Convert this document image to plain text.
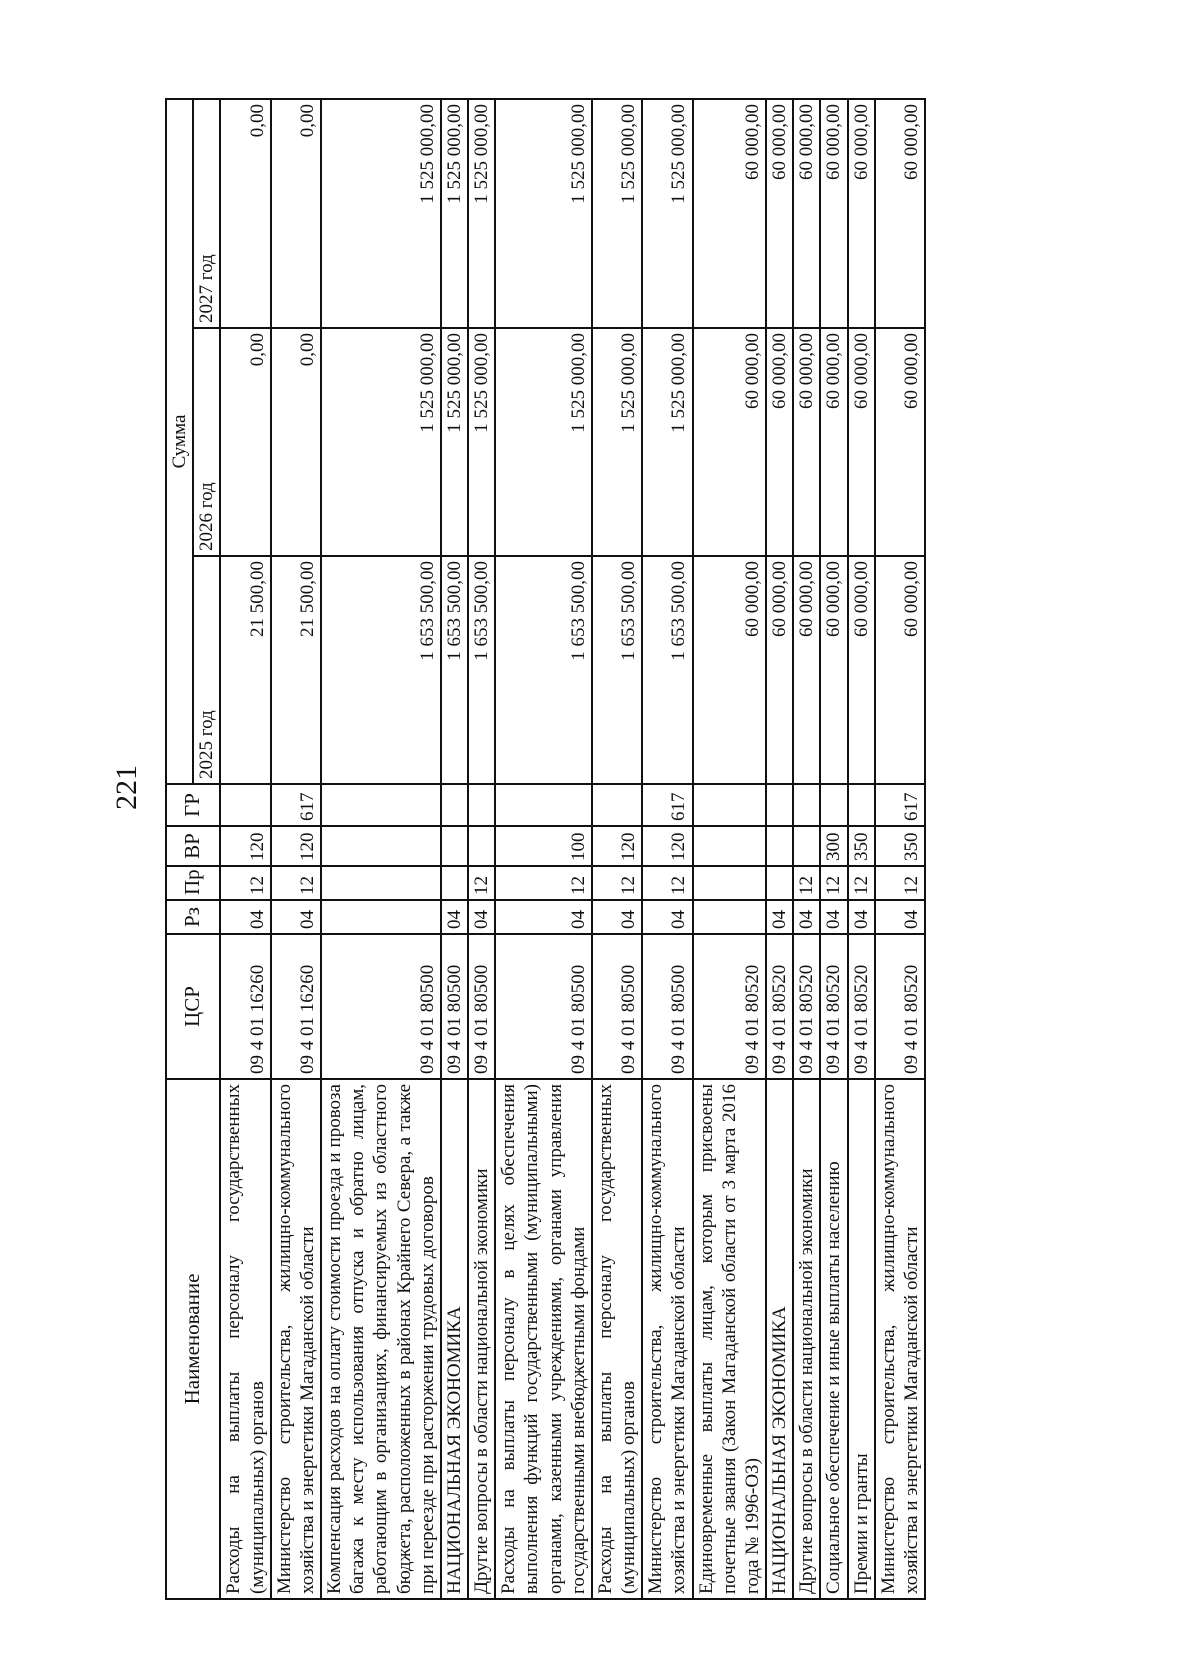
221
Наименование	ЦСР	Рз	Пр	ВР	ГР	Сумма		
						2025 год	2026 год	2027 год
Расходы на выплаты персоналу государственных (муниципальных) органов	09 4 01 16260	04	12	120		21 500,00	0,00	0,00
Министерство строительства, жилищно-коммунального хозяйства и энергетики Магаданской области	09 4 01 16260	04	12	120	617	21 500,00	0,00	0,00
Компенсация расходов на оплату стоимости проезда и провоза багажа к месту использования отпуска и обратно лицам, работающим в организациях, финансируемых из областного бюджета, расположенных в районах Крайнего Севера, а также при переезде при расторжении трудовых договоров	09 4 01 80500					1 653 500,00	1 525 000,00	1 525 000,00
НАЦИОНАЛЬНАЯ ЭКОНОМИКА	09 4 01 80500	04				1 653 500,00	1 525 000,00	1 525 000,00
Другие вопросы в области национальной экономики	09 4 01 80500	04	12			1 653 500,00	1 525 000,00	1 525 000,00
Расходы на выплаты персоналу в целях обеспечения выполнения функций государственными (муниципальными) органами, казенными учреждениями, органами управления государственными внебюджетными фондами	09 4 01 80500	04	12	100		1 653 500,00	1 525 000,00	1 525 000,00
Расходы на выплаты персоналу государственных (муниципальных) органов	09 4 01 80500	04	12	120		1 653 500,00	1 525 000,00	1 525 000,00
Министерство строительства, жилищно-коммунального хозяйства и энергетики Магаданской области	09 4 01 80500	04	12	120	617	1 653 500,00	1 525 000,00	1 525 000,00
Единовременные выплаты лицам, которым присвоены почетные звания (Закон Магаданской области от 3 марта 2016 года № 1996-ОЗ)	09 4 01 80520					60 000,00	60 000,00	60 000,00
НАЦИОНАЛЬНАЯ ЭКОНОМИКА	09 4 01 80520	04				60 000,00	60 000,00	60 000,00
Другие вопросы в области национальной экономики	09 4 01 80520	04	12			60 000,00	60 000,00	60 000,00
Социальное обеспечение и иные выплаты населению	09 4 01 80520	04	12	300		60 000,00	60 000,00	60 000,00
Премии и гранты	09 4 01 80520	04	12	350		60 000,00	60 000,00	60 000,00
Министерство строительства, жилищно-коммунального хозяйства и энергетики Магаданской области	09 4 01 80520	04	12	350	617	60 000,00	60 000,00	60 000,00
